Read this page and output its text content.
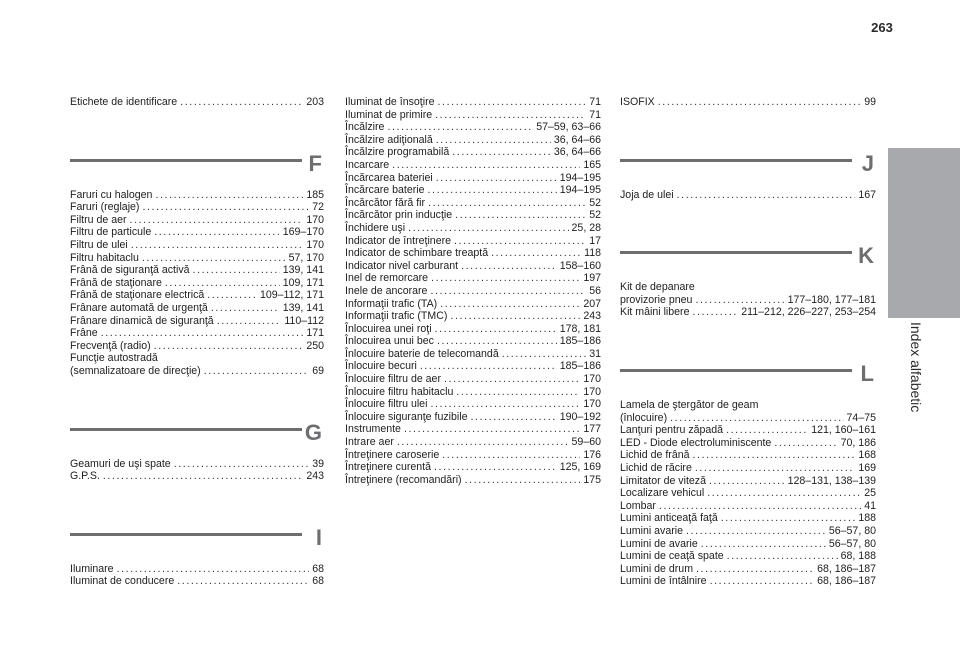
263
Index alfabetic
Etichete de identificare .....	203
F
Faruri cu halogen .....	185
Faruri (reglaje) .....	72
Filtru de aer .....	170
Filtru de particule .....	169–170
Filtru de ulei .....	170
Filtru habitaclu .....	57, 170
Frână de siguranţă activă .....	139, 141
Frână de staţionare .....	109, 171
Frână de staţionare electrică .....	109–112, 171
Frânare automată de urgenţă .....	139, 141
Frânare dinamică de siguranţă .....	110–112
Frâne .....	171
Frecvenţă (radio) .....	250
Funcţie autostradă
(semnalizatoare de direcţie) .....	69
G
Geamuri de uşi spate .....	39
G.P.S. .....	243
I
Iluminare .....	68
Iluminat de conducere .....	68
Iluminat de însoţire .....	71
Iluminat de primire .....	71
Încălzire .....	57–59, 63–66
Încălzire adiţională .....	36, 64–66
Încălzire programabilă .....	36, 64–66
Incarcare .....	165
Încărcarea bateriei .....	194–195
Încărcare baterie .....	194–195
Încărcător fără fir .....	52
Încărcător prin inducţie .....	52
Închidere uşi .....	25, 28
Indicator de întreţinere .....	17
Indicator de schimbare treaptă .....	118
Indicator nivel carburant .....	158–160
Inel de remorcare .....	197
Inele de ancorare .....	56
Informaţii trafic (TA) .....	207
Informaţii trafic (TMC) .....	243
Înlocuirea unei roţi .....	178, 181
Înlocuirea unui bec .....	185–186
Înlocuire baterie de telecomandă .....	31
Înlocuire becuri .....	185–186
Înlocuire filtru de aer .....	170
Înlocuire filtru habitaclu .....	170
Înlocuire filtru ulei .....	170
Înlocuire siguranţe fuzibile .....	190–192
Instrumente .....	177
Intrare aer .....	59–60
Întreţinere caroserie .....	176
Întreţinere curentă .....	125, 169
Întreţinere (recomandări) .....	175
ISOFIX .....	99
J
Joja de ulei .....	167
K
Kit de depanare
provizorie pneu .....	177–180, 177–181
Kit mâini libere .....	211–212, 226–227, 253–254
L
Lamela de ştergător de geam
(înlocuire) .....	74–75
Lanţuri pentru zăpadă .....	121, 160–161
LED - Diode electroluminiscente .....	70, 186
Lichid de frână .....	168
Lichid de răcire .....	169
Limitator de viteză .....	128–131, 138–139
Localizare vehicul .....	25
Lombar .....	41
Lumini anticeaţă faţă .....	188
Lumini avarie .....	56–57, 80
Lumini de avarie .....	56–57, 80
Lumini de ceaţă spate .....	68, 188
Lumini de drum .....	68, 186–187
Lumini de întâlnire .....	68, 186–187
